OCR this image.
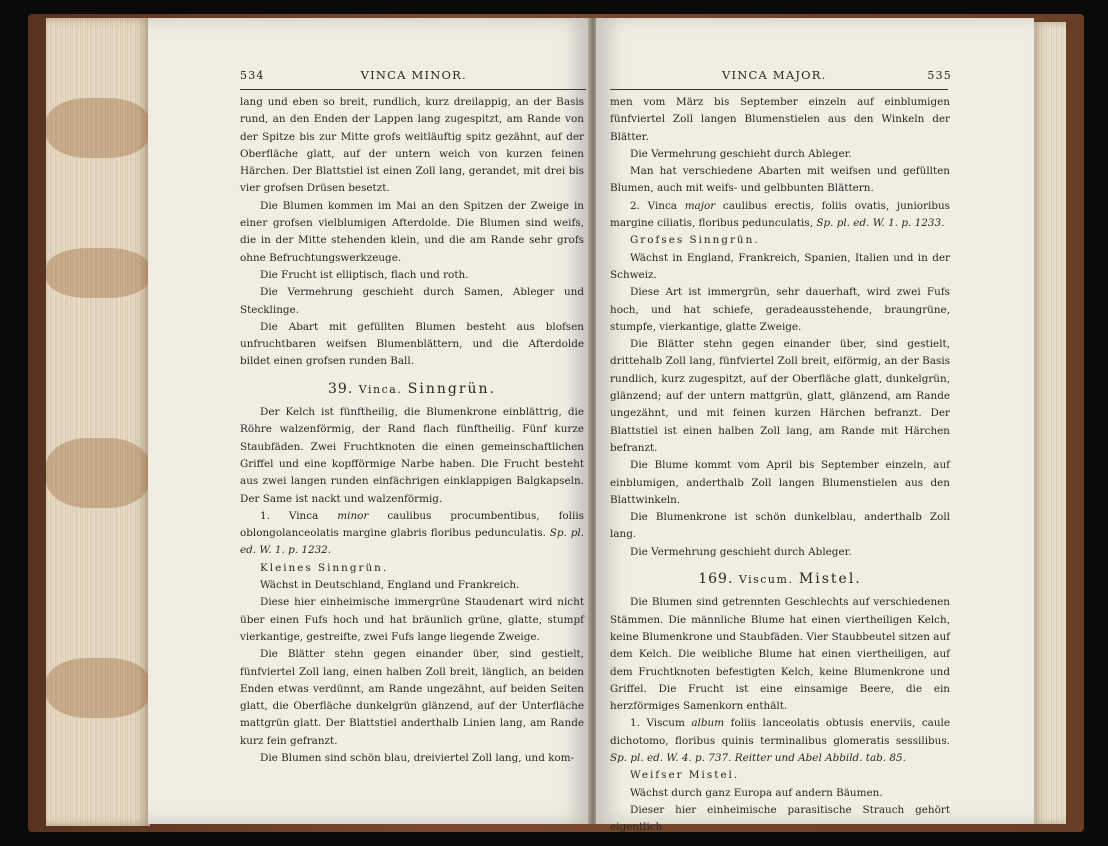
534	VINCA MINOR.

lang und eben so breit, rundlich, kurz dreilappig, an der Basis rund, an den Enden der Lappen lang zugespitzt, am Rande von der Spitze bis zur Mitte grofs weitläuftig spitz gezähnt, auf der Oberfläche glatt, auf der untern weich von kurzen feinen Härchen. Der Blattstiel ist einen Zoll lang, gerandet, mit drei bis vier grofsen Drüsen besetzt.

Die Blumen kommen im Mai an den Spitzen der Zweige in einer grofsen vielblumigen Afterdolde. Die Blumen sind weifs, die in der Mitte stehenden klein, und die am Rande sehr grofs ohne Befruchtungswerkzeuge.

Die Frucht ist elliptisch, flach und roth.

Die Vermehrung geschieht durch Samen, Ableger und Stecklinge.

Die Abart mit gefüllten Blumen besteht aus blofsen unfruchtbaren weifsen Blumenblättern, und die Afterdolde bildet einen grofsen runden Ball.

39. Vinca. Sinngrün.

Der Kelch ist fünftheilig, die Blumenkrone einblättrig, die Röhre walzenförmig, der Rand flach fünftheilig. Fünf kurze Staubfäden. Zwei Fruchtknoten die einen gemeinschaftlichen Griffel und eine kopfförmige Narbe haben. Die Frucht besteht aus zwei langen runden einfächrigen einklappigen Balgkapseln. Der Same ist nackt und walzenförmig.

1. Vinca minor caulibus procumbentibus, foliis oblongolanceolatis margine glabris floribus pedunculatis. Sp. pl. ed. W. 1. p. 1232.

Kleines Sinngrün.

Wächst in Deutschland, England und Frankreich.

Diese hier einheimische immergrüne Staudenart wird nicht über einen Fufs hoch und hat bräunlich grüne, glatte, stumpf vierkantige, gestreifte, zwei Fufs lange liegende Zweige.

Die Blätter stehn gegen einander über, sind gestielt, fünfviertel Zoll lang, einen halben Zoll breit, länglich, an beiden Enden etwas verdünnt, am Rande ungezähnt, auf beiden Seiten glatt, die Oberfläche dunkelgrün glänzend, auf der Unterfläche mattgrün glatt. Der Blattstiel anderthalb Linien lang, am Rande kurz fein gefranzt.

Die Blumen sind schön blau, dreiviertel Zoll lang, und kom-

VINCA MAJOR.	535

men vom März bis September einzeln auf einblumigen fünfviertel Zoll langen Blumenstielen aus den Winkeln der Blätter.

Die Vermehrung geschieht durch Ableger.

Man hat verschiedene Abarten mit weifsen und gefüllten Blumen, auch mit weifs- und gelbbunten Blättern.

2. Vinca major caulibus erectis, foliis ovatis, junioribus margine ciliatis, floribus pedunculatis, Sp. pl. ed. W. 1. p. 1233.

Grofses Sinngrün.

Wächst in England, Frankreich, Spanien, Italien und in der Schweiz.

Diese Art ist immergrün, sehr dauerhaft, wird zwei Fufs hoch, und hat schiefe, geradeausstehende, braungrüne, stumpfe, vierkantige, glatte Zweige.

Die Blätter stehn gegen einander über, sind gestielt, drittehalb Zoll lang, fünfviertel Zoll breit, eiförmig, an der Basis rundlich, kurz zugespitzt, auf der Oberfläche glatt, dunkelgrün, glänzend; auf der untern mattgrün, glatt, glänzend, am Rande ungezähnt, und mit feinen kurzen Härchen befranzt. Der Blattstiel ist einen halben Zoll lang, am Rande mit Härchen befranzt.

Die Blume kommt vom April bis September einzeln, auf einblumigen, anderthalb Zoll langen Blumenstielen aus den Blattwinkeln.

Die Blumenkrone ist schön dunkelblau, anderthalb Zoll lang.

Die Vermehrung geschieht durch Ableger.

169. Viscum. Mistel.

Die Blumen sind getrennten Geschlechts auf verschiedenen Stämmen. Die männliche Blume hat einen viertheiligen Kelch, keine Blumenkrone und Staubfäden. Vier Staubbeutel sitzen auf dem Kelch. Die weibliche Blume hat einen viertheiligen, auf dem Fruchtknoten befestigten Kelch, keine Blumenkrone und Griffel. Die Frucht ist eine einsamige Beere, die ein herzförmiges Samenkorn enthält.

1. Viscum album foliis lanceolatis obtusis enerviis, caule dichotomo, floribus quinis terminalibus glomeratis sessilibus. Sp. pl. ed. W. 4. p. 737. Reitter und Abel Abbild. tab. 85.

Weifser Mistel.

Wächst durch ganz Europa auf andern Bäumen.

Dieser hier einheimische parasitische Strauch gehört eigentlich
